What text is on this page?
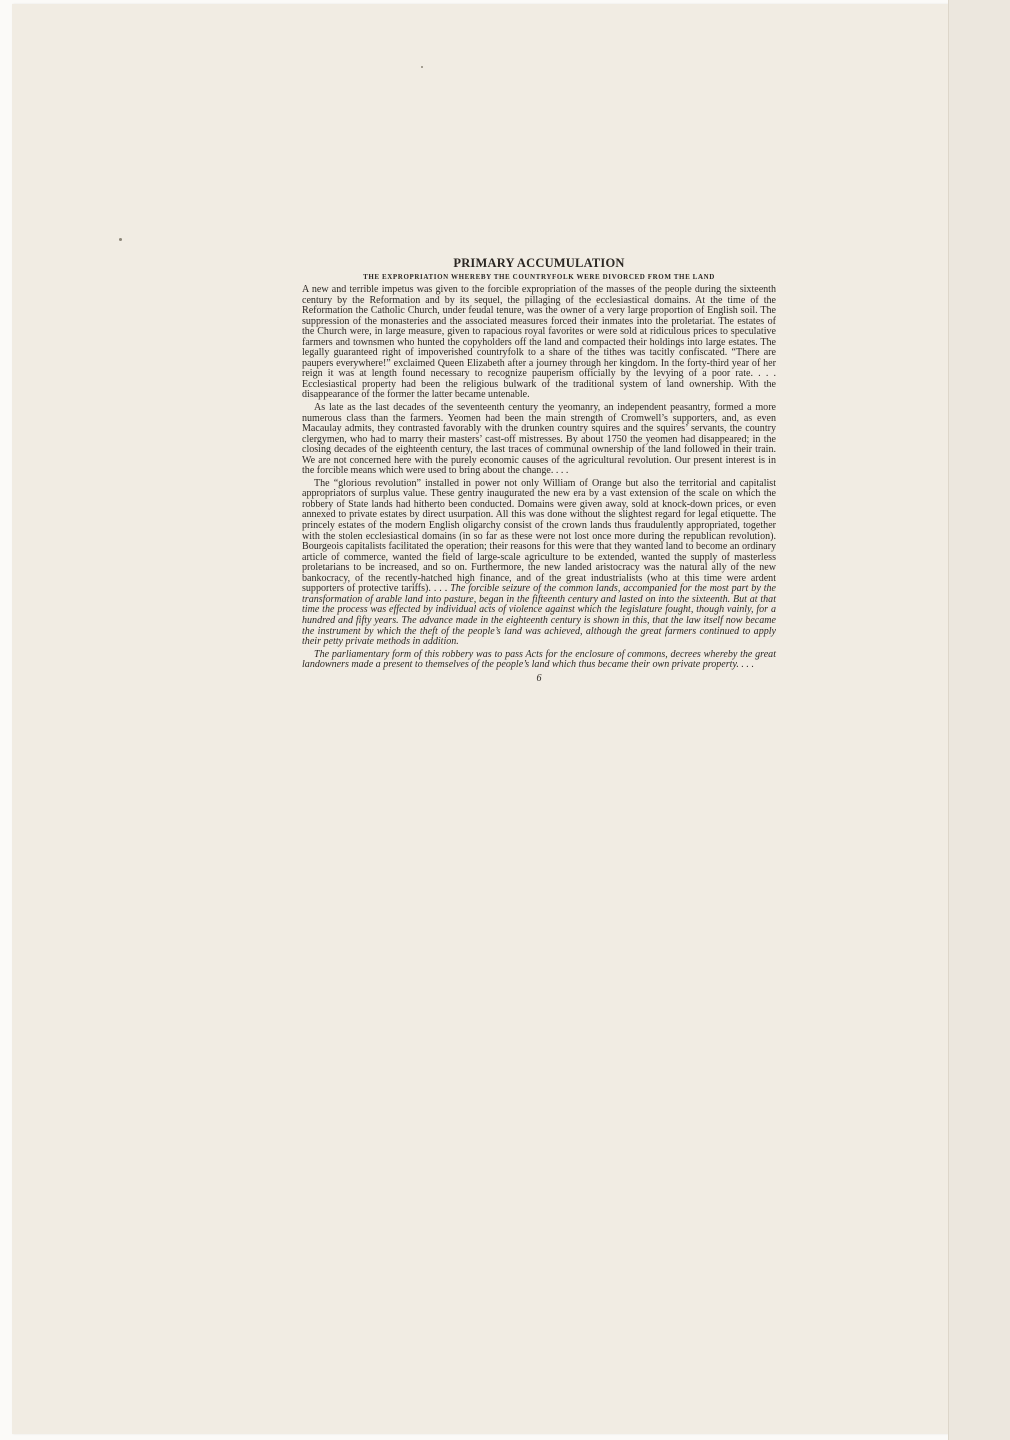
PRIMARY ACCUMULATION
THE EXPROPRIATION WHEREBY THE COUNTRYFOLK WERE DIVORCED FROM THE LAND

A new and terrible impetus was given to the forcible expropriation of the masses of the people during the sixteenth century by the Reformation and by its sequel, the pillaging of the ecclesiastical domains. At the time of the Reformation the Catholic Church, under feudal tenure, was the owner of a very large proportion of English soil. The suppression of the monasteries and the associated measures forced their inmates into the proletariat. The estates of the Church were, in large measure, given to rapacious royal favorites or were sold at ridiculous prices to speculative farmers and townsmen who hunted the copyholders off the land and compacted their holdings into large estates. The legally guaranteed right of impoverished countryfolk to a share of the tithes was tacitly confiscated. “There are paupers everywhere!” exclaimed Queen Elizabeth after a journey through her kingdom. In the forty-third year of her reign it was at length found necessary to recognize pauperism officially by the levying of a poor rate. . . . Ecclesiastical property had been the religious bulwark of the traditional system of land ownership. With the disappearance of the former the latter became untenable.

As late as the last decades of the seventeenth century the yeomanry, an independent peasantry, formed a more numerous class than the farmers. Yeomen had been the main strength of Cromwell’s supporters, and, as even Macaulay admits, they contrasted favorably with the drunken country squires and the squires’ servants, the country clergymen, who had to marry their masters’ cast-off mistresses. By about 1750 the yeomen had disappeared; in the closing decades of the eighteenth century, the last traces of communal ownership of the land followed in their train. We are not concerned here with the purely economic causes of the agricultural revolution. Our present interest is in the forcible means which were used to bring about the change. . . .

The “glorious revolution” installed in power not only William of Orange but also the territorial and capitalist appropriators of surplus value. These gentry inaugurated the new era by a vast extension of the scale on which the robbery of State lands had hitherto been conducted. Domains were given away, sold at knock-down prices, or even annexed to private estates by direct usurpation. All this was done without the slightest regard for legal etiquette. The princely estates of the modern English oligarchy consist of the crown lands thus fraudulently appropriated, together with the stolen ecclesiastical domains (in so far as these were not lost once more during the republican revolution). Bourgeois capitalists facilitated the operation; their reasons for this were that they wanted land to become an ordinary article of commerce, wanted the field of large-scale agriculture to be extended, wanted the supply of masterless proletarians to be increased, and so on. Furthermore, the new landed aristocracy was the natural ally of the new bankocracy, of the recently-hatched high finance, and of the great industrialists (who at this time were ardent supporters of protective tariffs). . . . The forcible seizure of the common lands, accompanied for the most part by the transformation of arable land into pasture, began in the fifteenth century and lasted on into the sixteenth. But at that time the process was effected by individual acts of violence against which the legislature fought, though vainly, for a hundred and fifty years. The advance made in the eighteenth century is shown in this, that the law itself now became the instrument by which the theft of the people’s land was achieved, although the great farmers continued to apply their petty private methods in addition.

The parliamentary form of this robbery was to pass Acts for the enclosure of commons, decrees whereby the great landowners made a present to themselves of the people’s land which thus became their own private property. . . .

6
